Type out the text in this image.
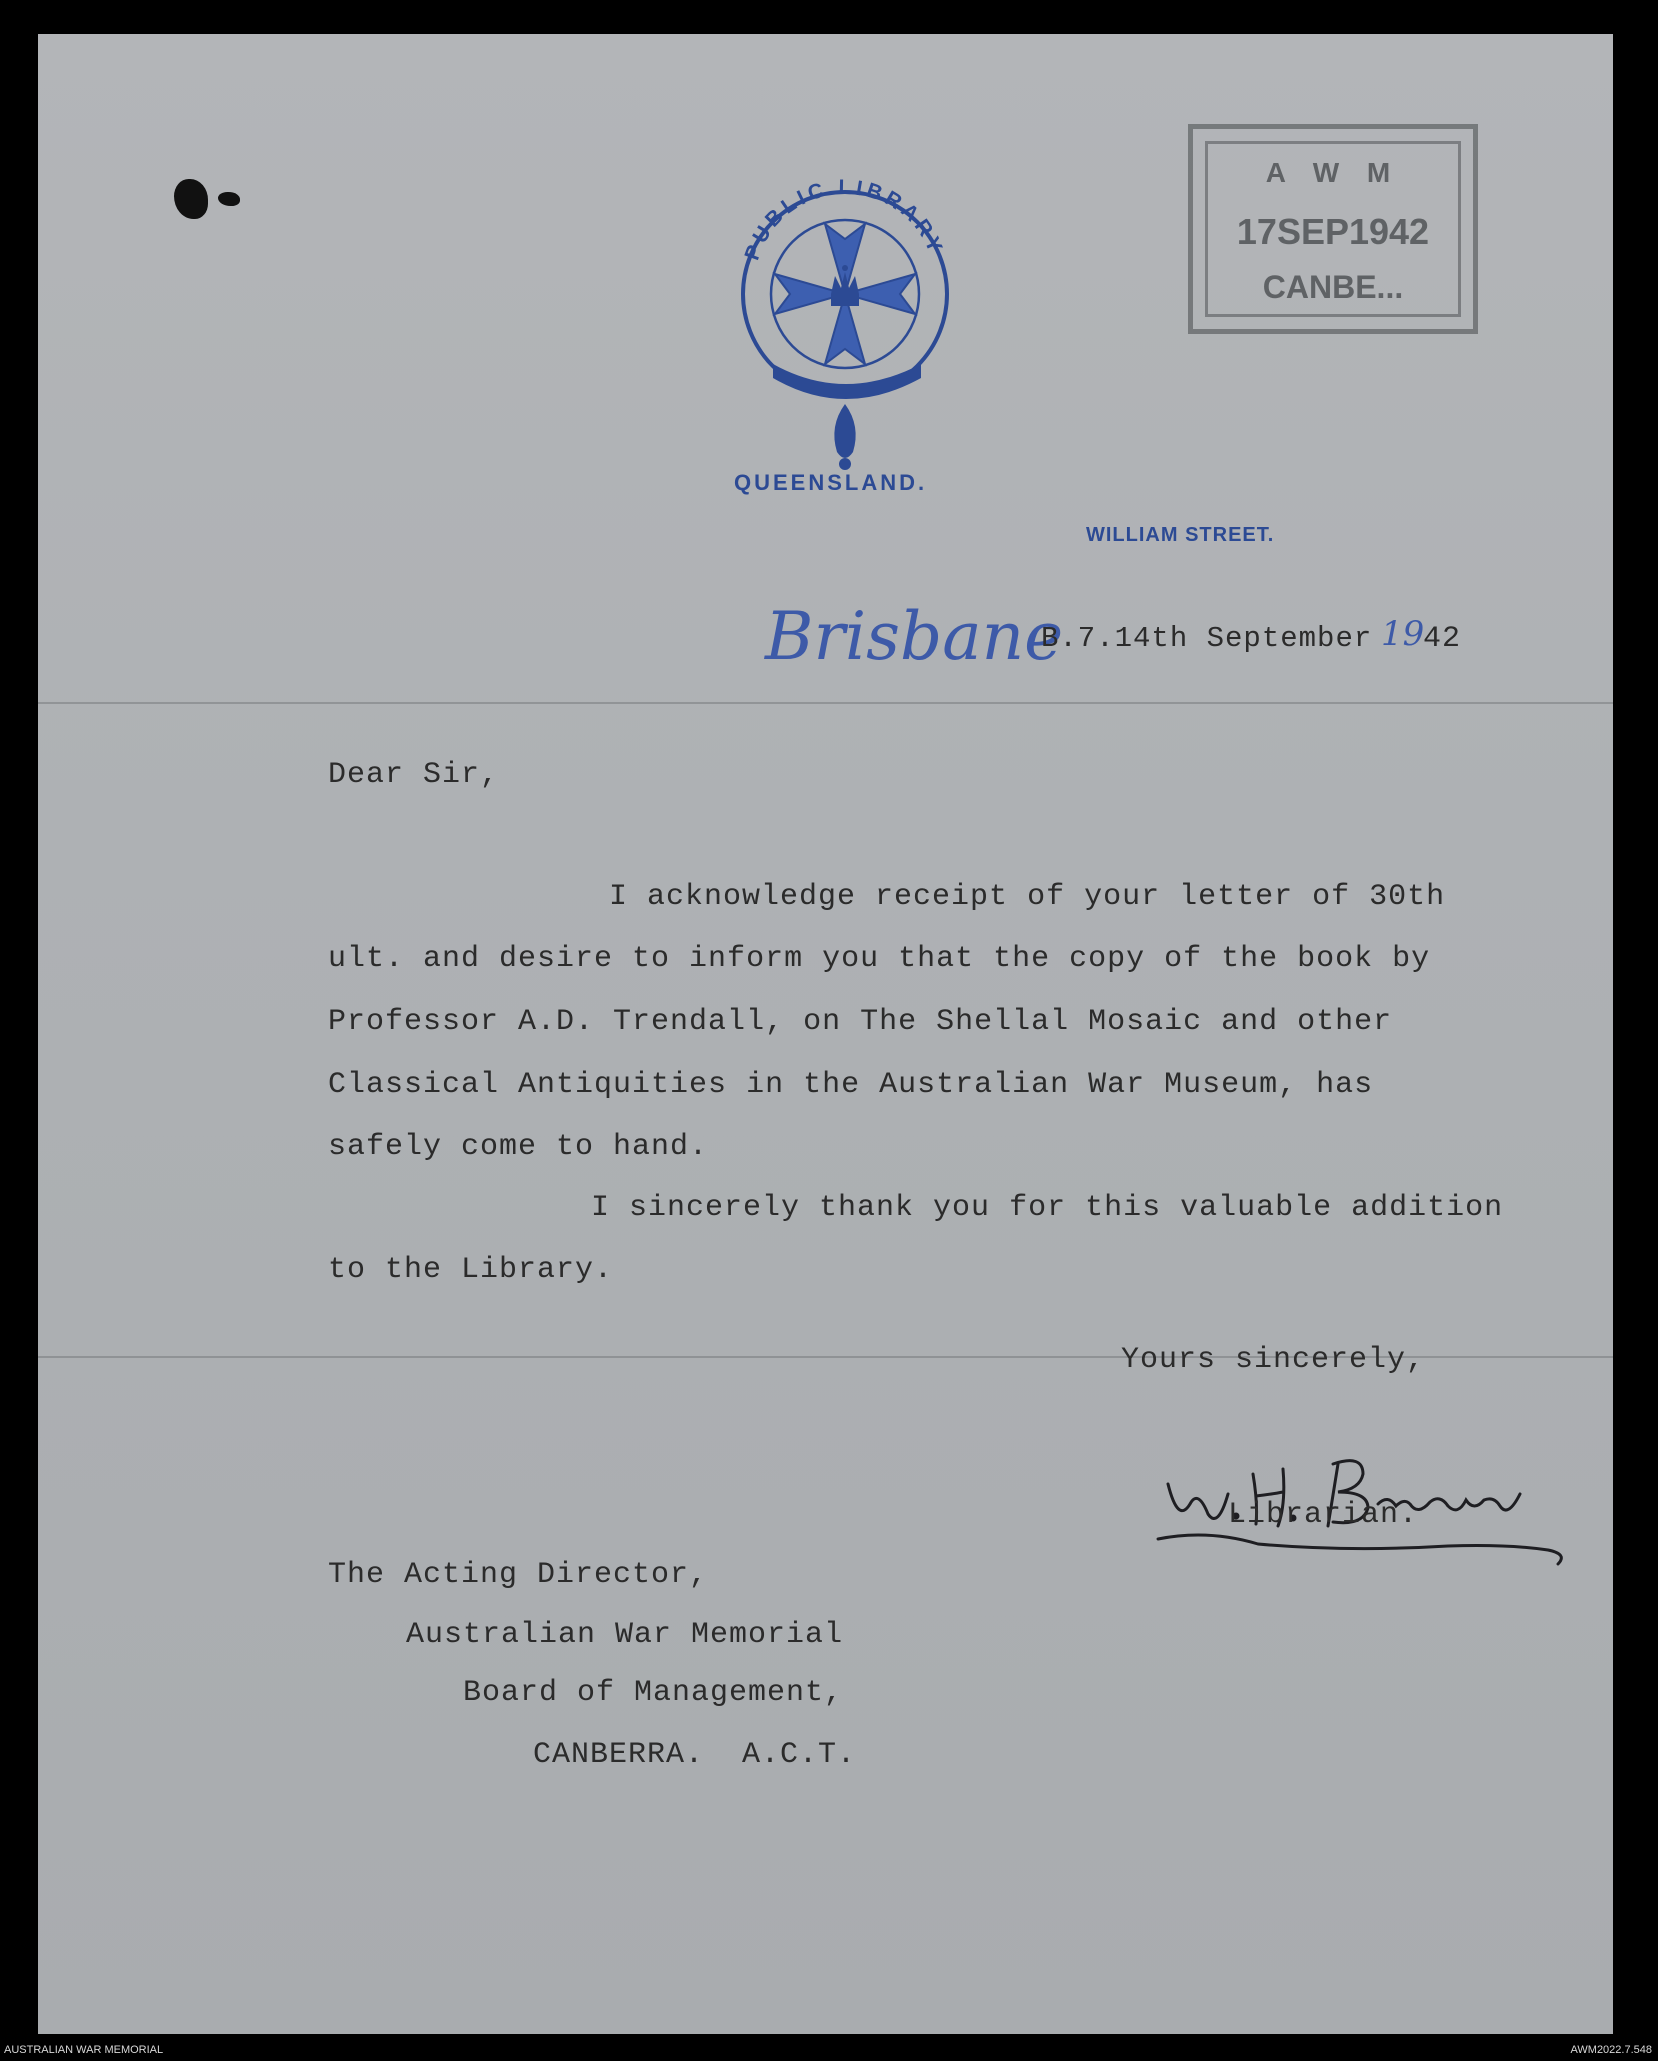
PUBLIC LIBRARY
QUEENSLAND.
WILLIAM STREET.
A W M
17SEP1942
CANBE...
Brisbane
B.7.14th September 19
42
Dear Sir,
I acknowledge receipt of your letter of 30th
ult. and desire to inform you that the copy of the book by
Professor A.D. Trendall, on The Shellal Mosaic and other
Classical Antiquities in the Australian War Museum, has
safely come to hand.
I sincerely thank you for this valuable addition
to the Library.
Yours sincerely,
Librarian.
The Acting Director,
Australian War Memorial
Board of Management,
CANBERRA.  A.C.T.
AUSTRALIAN WAR MEMORIAL	AWM2022.7.548
